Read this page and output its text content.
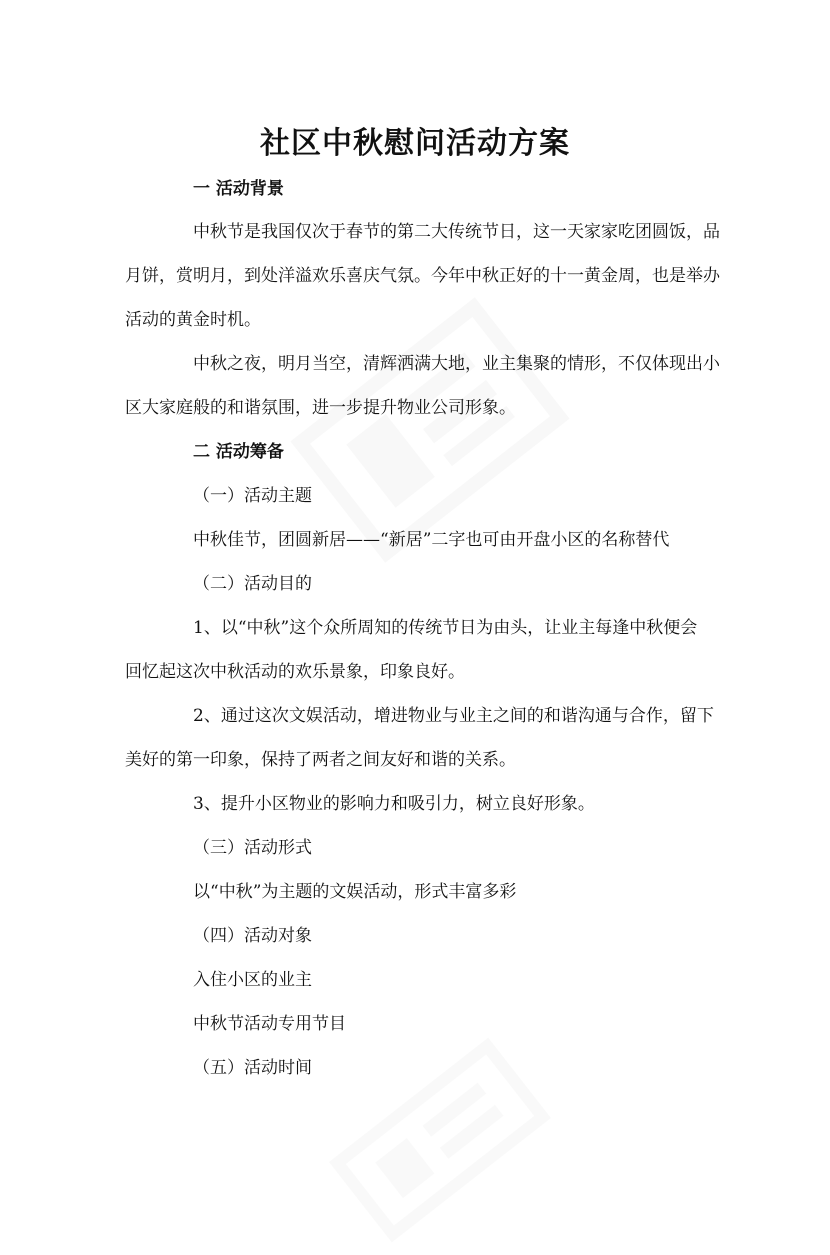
社区中秋慰问活动方案
一 活动背景
中秋节是我国仅次于春节的第二大传统节日，这一天家家吃团圆饭，品
月饼，赏明月，到处洋溢欢乐喜庆气氛。今年中秋正好的十一黄金周，也是举办
活动的黄金时机。
中秋之夜，明月当空，清辉洒满大地，业主集聚的情形，不仅体现出小
区大家庭般的和谐氛围，进一步提升物业公司形象。
二 活动筹备
（一）活动主题
中秋佳节，团圆新居——“新居”二字也可由开盘小区的名称替代
（二）活动目的
1、以“中秋”这个众所周知的传统节日为由头，让业主每逢中秋便会
回忆起这次中秋活动的欢乐景象，印象良好。
2、通过这次文娱活动，增进物业与业主之间的和谐沟通与合作，留下
美好的第一印象，保持了两者之间友好和谐的关系。
3、提升小区物业的影响力和吸引力，树立良好形象。
（三）活动形式
以“中秋”为主题的文娱活动，形式丰富多彩
（四）活动对象
入住小区的业主
中秋节活动专用节目
（五）活动时间
